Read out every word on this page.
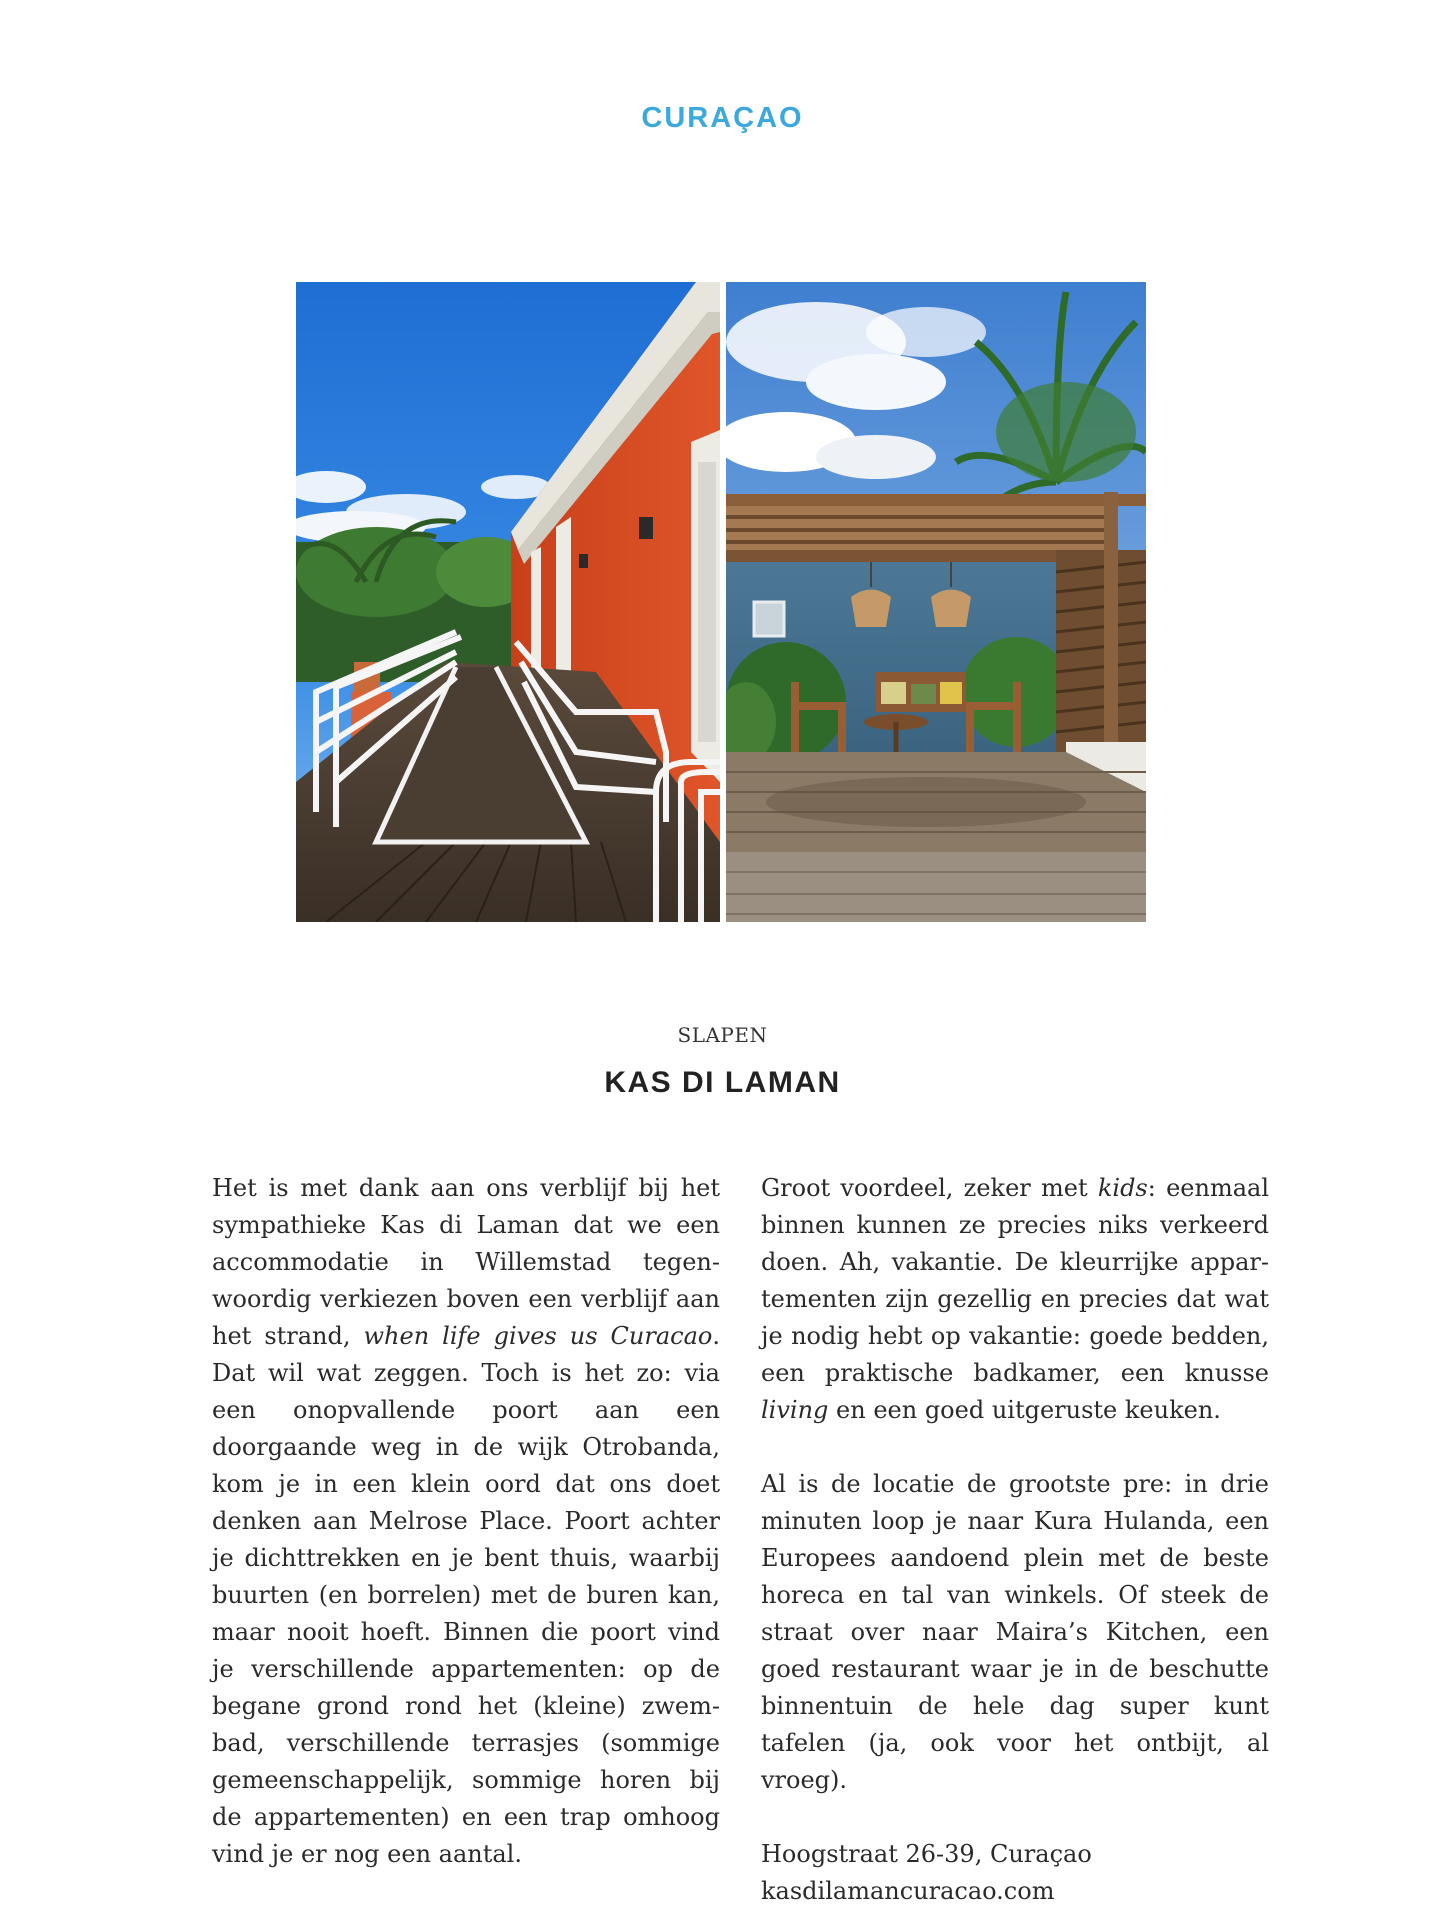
CURAÇAO
SLAPEN
KAS DI LAMAN

Het is met dank aan ons verblijf bij het sympathieke Kas di Laman dat we een accommodatie in Willemstad tegenwoordig verkiezen boven een verblijf aan het strand, when life gives us Curacao. Dat wil wat zeggen. Toch is het zo: via een onopvallende poort aan een doorgaande weg in de wijk Otrobanda, kom je in een klein oord dat ons doet denken aan Melrose Place. Poort achter je dichttrekken en je bent thuis, waarbij buurten (en borrelen) met de buren kan, maar nooit hoeft. Binnen die poort vind je verschillende appartementen: op de begane grond rond het (kleine) zwembad, verschillende terrasjes (sommige gemeenschappelijk, sommige horen bij de appartementen) en een trap omhoog vind je er nog een aantal.

Groot voordeel, zeker met kids: eenmaal binnen kunnen ze precies niks verkeerd doen. Ah, vakantie. De kleurrijke appartementen zijn gezellig en precies dat wat je nodig hebt op vakantie: goede bedden, een praktische badkamer, een knusse living en een goed uitgeruste keuken.

Al is de locatie de grootste pre: in drie minuten loop je naar Kura Hulanda, een Europees aandoend plein met de beste horeca en tal van winkels. Of steek de straat over naar Maira’s Kitchen, een goed restaurant waar je in de beschutte binnentuin de hele dag super kunt tafelen (ja, ook voor het ontbijt, al vroeg).

Hoogstraat 26-39, Curaçao
kasdilamancuracao.com
